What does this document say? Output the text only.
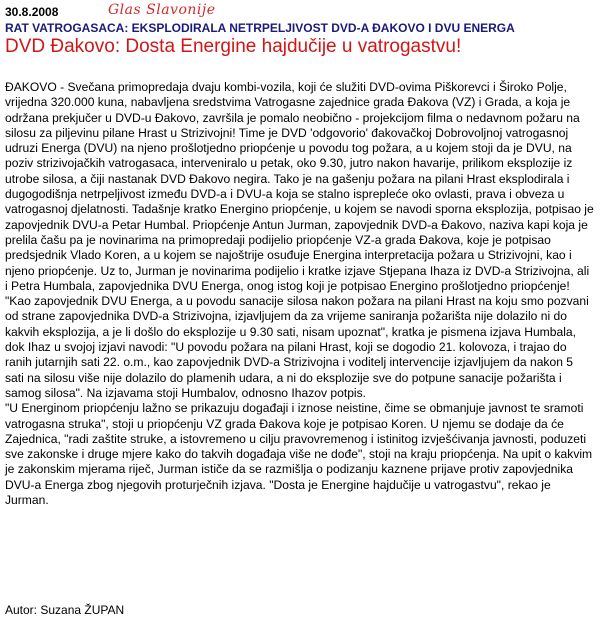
30.8.2008	Glas Slavonije
RAT VATROGASACA: EKSPLODIRALA NETRPELJIVOST DVD-A ĐAKOVO I DVU ENERGA
DVD Đakovo: Dosta Energine hajdučije u vatrogastvu!

ĐAKOVO - Svečana primopredaja dvaju kombi-vozila, koji će služiti DVD-ovima Piškorevci i Široko Polje, vrijedna 320.000 kuna, nabavljena sredstvima Vatrogasne zajednice grada Đakova (VZ) i Grada, a koja je održana prekjučer u DVD-u Đakovo, završila je pomalo neobično - projekcijom filma o nedavnom požaru na silosu za piljevinu pilane Hrast u Strizivojni! Time je DVD 'odgovorio' đakovačkoj Dobrovoljnoj vatrogasnoj udruzi Energa (DVU) na njeno prošlotjedno priopćenje u povodu tog požara, a u kojem stoji da je DVU, na poziv strizivojačkih vatrogasaca, interveniralo u petak, oko 9.30, jutro nakon havarije, prilikom eksplozije iz utrobe silosa, a čiji nastanak DVD Đakovo negira. Tako je na gašenju požara na pilani Hrast eksplodirala i dugogodišnja netrpeljivost između DVD-a i DVU-a koja se stalno isprepleće oko ovlasti, prava i obveza u vatrogasnoj djelatnosti. Tadašnje kratko Energino priopćenje, u kojem se navodi sporna eksplozija, potpisao je zapovjednik DVU-a Petar Humbal. Priopćenje Antun Jurman, zapovjednik DVD-a Đakovo, naziva kapi koja je prelila čašu pa je novinarima na primopredaji podijelio priopćenje VZ-a grada Đakova, koje je potpisao predsjednik Vlado Koren, a u kojem se najoštrije osuđuje Energina interpretacija požara u Strizivojni, kao i njeno priopćenje. Uz to, Jurman je novinarima podijelio i kratke izjave Stjepana Ihaza iz DVD-a Strizivojna, ali i Petra Humbala, zapovjednika DVU Energa, onog istog koji je potpisao Energino prošlotjedno priopćenje!

"Kao zapovjednik DVU Energa, a u povodu sanacije silosa nakon požara na pilani Hrast na koju smo pozvani od strane zapovjednika DVD-a Strizivojna, izjavljujem da za vrijeme saniranja požarišta nije dolazilo ni do kakvih eksplozija, a je li došlo do eksplozije u 9.30 sati, nisam upoznat", kratka je pismena izjava Humbala, dok Ihaz u svojoj izjavi navodi: "U povodu požara na pilani Hrast, koji se dogodio 21. kolovoza, i trajao do ranih jutarnjih sati 22. o.m., kao zapovjednik DVD-a Strizivojna i voditelj intervencije izjavljujem da nakon 5 sati na silosu više nije dolazilo do plamenih udara, a ni do eksplozije sve do potpune sanacije požarišta i samog silosa". Na izjavama stoji Humbalov, odnosno Ihazov potpis.

"U Energinom priopćenju lažno se prikazuju događaji i iznose neistine, čime se obmanjuje javnost te sramoti vatrogasna struka", stoji u priopćenju VZ grada Đakova koje je potpisao Koren. U njemu se dodaje da će Zajednica, "radi zaštite struke, a istovremeno u cilju pravovremenog i istinitog izvješćivanja javnosti, poduzeti sve zakonske i druge mjere kako do takvih događaja više ne dođe", stoji na kraju priopćenja. Na upit o kakvim je zakonskim mjerama riječ, Jurman ističe da se razmišlja o podizanju kaznene prijave protiv zapovjednika DVU-a Energa zbog njegovih proturječnih izjava. "Dosta je Energine hajdučije u vatrogastvu", rekao je Jurman.

Autor: Suzana ŽUPAN
